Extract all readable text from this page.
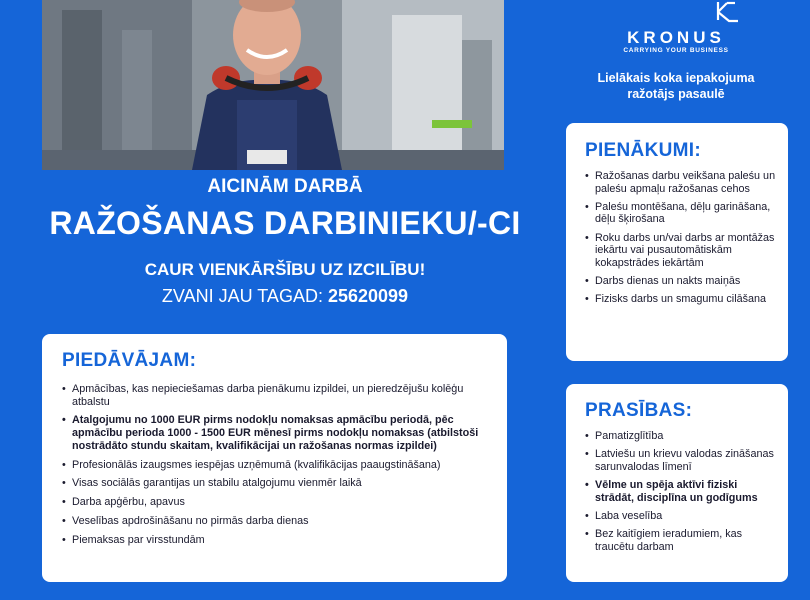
KRONUS
CARRYING YOUR BUSINESS
Lielākais koka iepakojuma
ražotājs pasaulē
AICINĀM DARBĀ
RAŽOŠANAS DARBINIEKU/-CI
CAUR VIENKĀRŠĪBU UZ IZCILĪBU!
ZVANI JAU TAGAD: 25620099
PIEDĀVĀJAM:
• Apmācības, kas nepieciešamas darba pienākumu izpildei, un pieredzējušu kolēģu atbalstu
• Atalgojumu no 1000 EUR pirms nodokļu nomaksas apmācību periodā, pēc apmācību perioda 1000 - 1500 EUR mēnesī pirms nodokļu nomaksas (atbilstoši nostrādāto stundu skaitam, kvalifikācijai un ražošanas normas izpildei)
• Profesionālās izaugsmes iespējas uzņēmumā (kvalifikācijas paaugstināšana)
• Visas sociālās garantijas un stabilu atalgojumu vienmēr laikā
• Darba apģērbu, apavus
• Veselības apdrošināšanu no pirmās darba dienas
• Piemaksas par virsstundām
PIENĀKUMI:
• Ražošanas darbu veikšana paleśu un paleśu apmaļu ražošanas cehos
• Paleśu montēšana, dēļu garināšana, dēļu šķirošana
• Roku darbs un/vai darbs ar montāžas iekārtu vai pusautomātiskām kokapstrādes iekārtām
• Darbs dienas un nakts maiņās
• Fizisks darbs un smagumu cilāšana
PRASĪBAS:
• Pamatizglītība
• Latviešu un krievu valodas zināšanas sarunvalodas līmenī
• Vēlme un spēja aktīvi fiziski strādāt, disciplīna un godīgums
• Laba veselība
• Bez kaitīgiem ieradumiem, kas traucētu darbam
